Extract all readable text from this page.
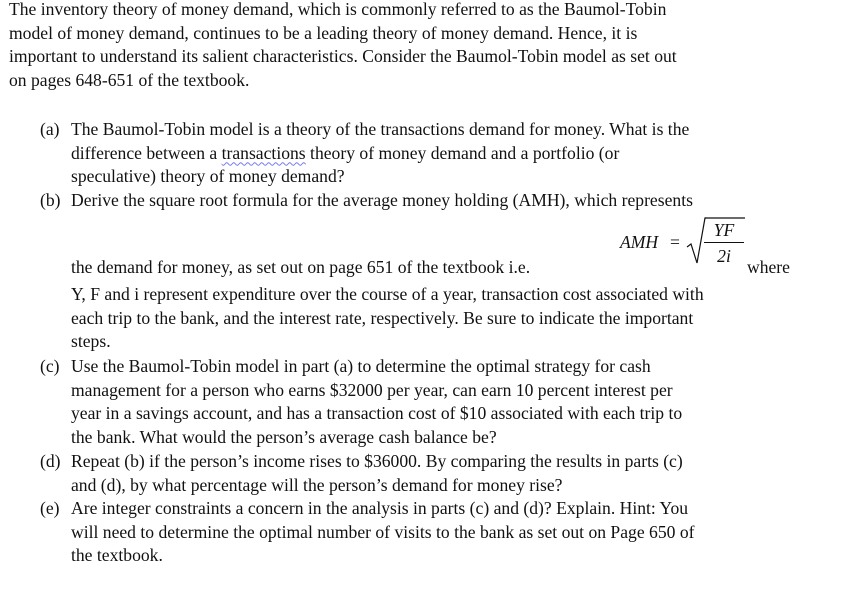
The inventory theory of money demand, which is commonly referred to as the Baumol-Tobin
model of money demand, continues to be a leading theory of money demand. Hence, it is
important to understand its salient characteristics. Consider the Baumol-Tobin model as set out
on pages 648-651 of the textbook.
(a) The Baumol-Tobin model is a theory of the transactions demand for money. What is the
difference between a transactions theory of money demand and a portfolio (or
speculative) theory of money demand?
(b) Derive the square root formula for the average money holding (AMH), which represents
AMH =
YF
2i
the demand for money, as set out on page 651 of the textbook i.e.	where
Y, F and i represent expenditure over the course of a year, transaction cost associated with
each trip to the bank, and the interest rate, respectively. Be sure to indicate the important
steps.
(c) Use the Baumol-Tobin model in part (a) to determine the optimal strategy for cash
management for a person who earns $32000 per year, can earn 10 percent interest per
year in a savings account, and has a transaction cost of $10 associated with each trip to
the bank. What would the person’s average cash balance be?
(d) Repeat (b) if the person’s income rises to $36000. By comparing the results in parts (c)
and (d), by what percentage will the person’s demand for money rise?
(e) Are integer constraints a concern in the analysis in parts (c) and (d)? Explain. Hint: You
will need to determine the optimal number of visits to the bank as set out on Page 650 of
the textbook.
